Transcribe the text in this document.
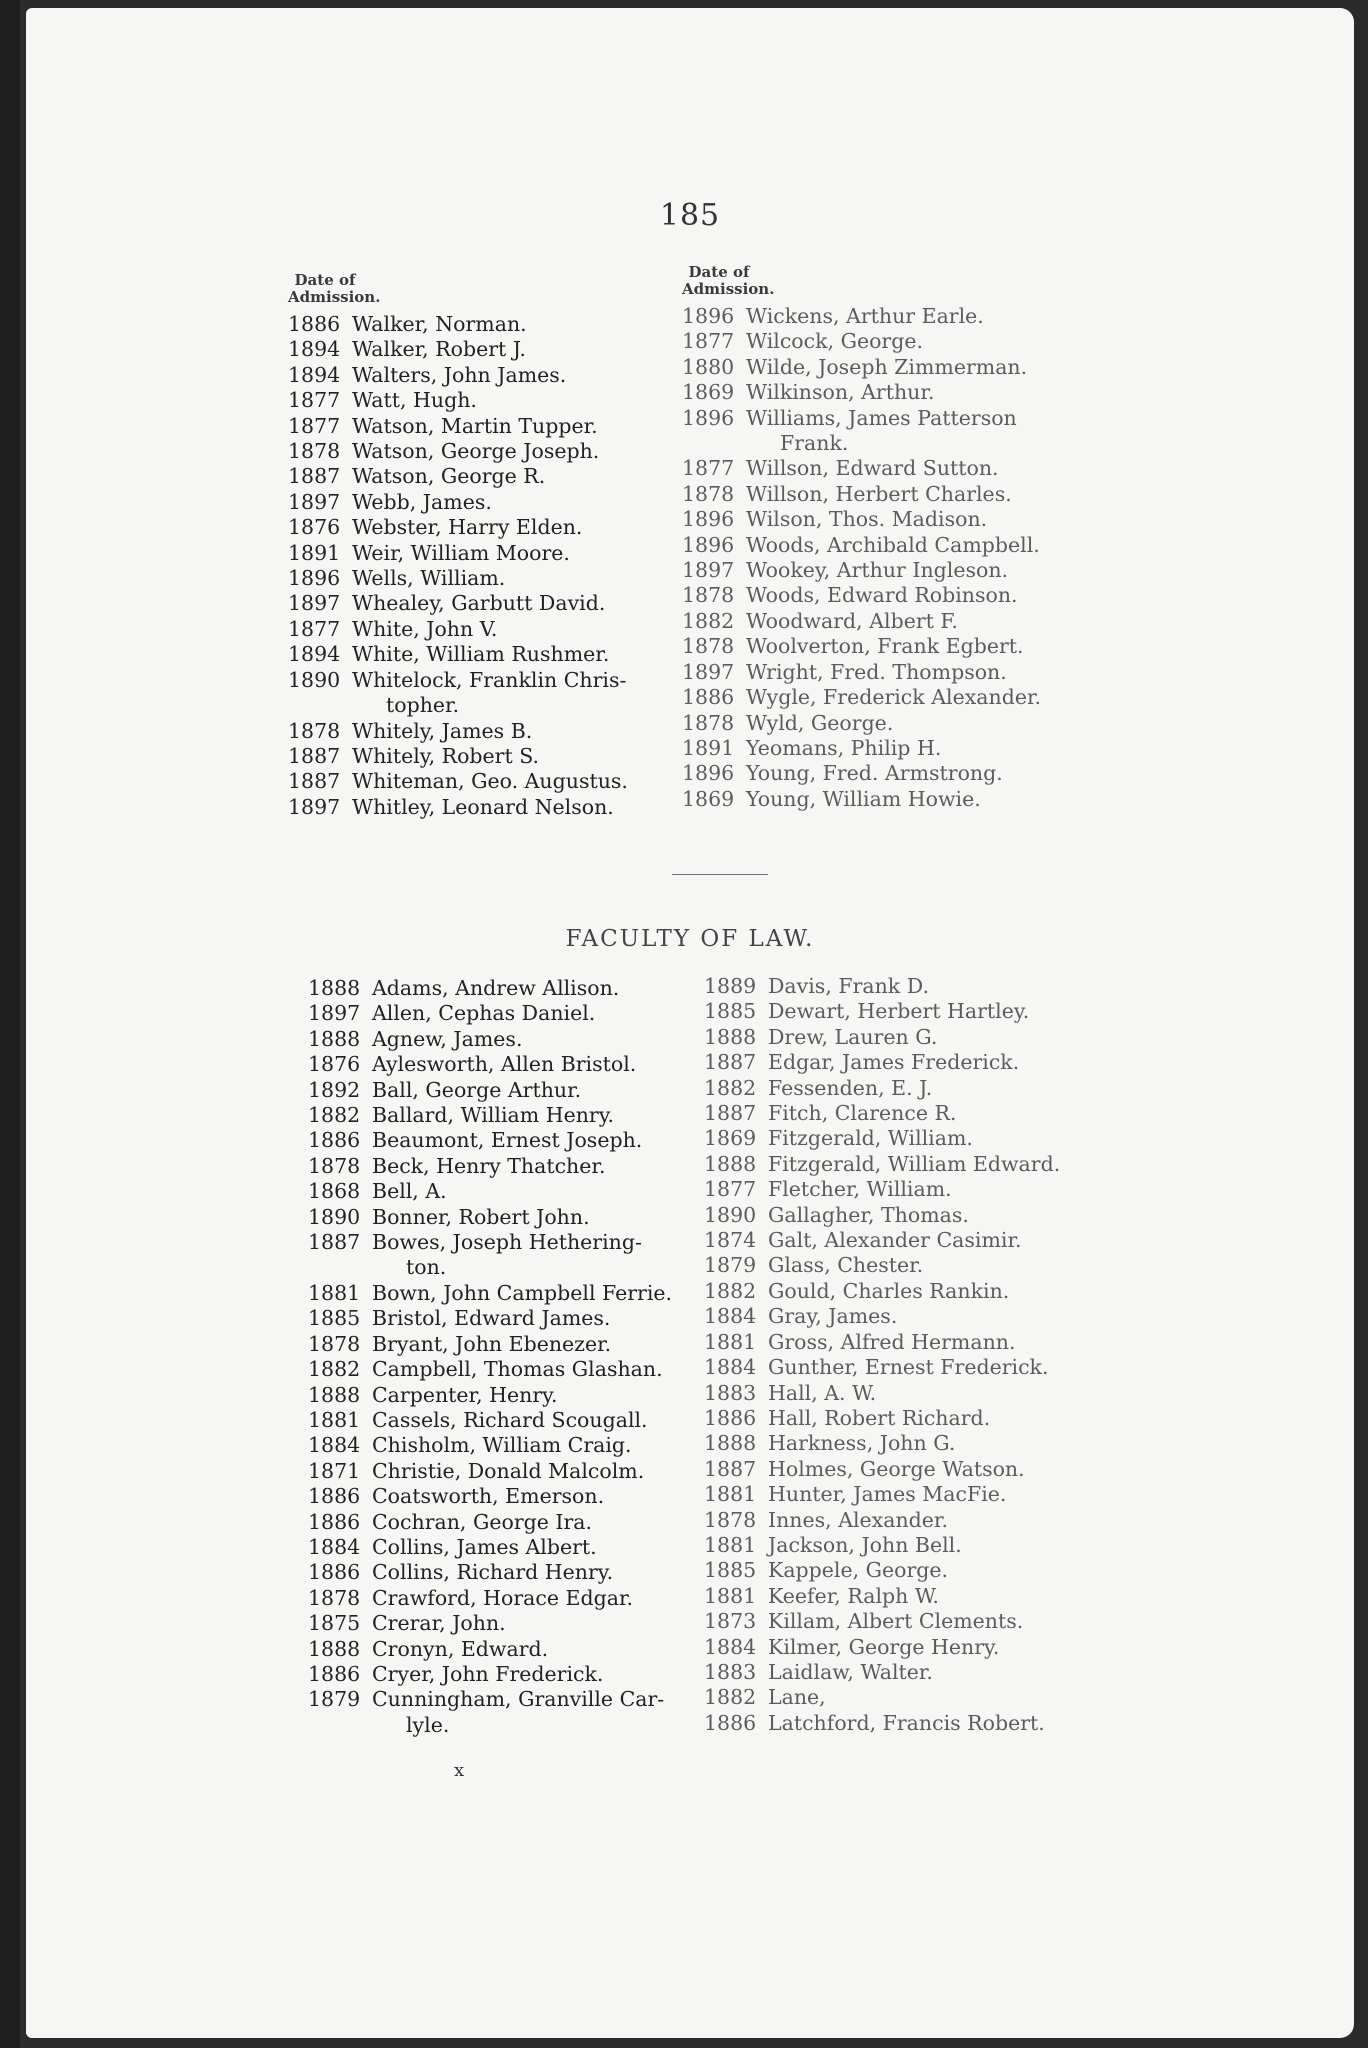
185
Date of
Admission.
1886 Walker, Norman.
1894 Walker, Robert J.
1894 Walters, John James.
1877 Watt, Hugh.
1877 Watson, Martin Tupper.
1878 Watson, George Joseph.
1887 Watson, George R.
1897 Webb, James.
1876 Webster, Harry Elden.
1891 Weir, William Moore.
1896 Wells, William.
1897 Whealey, Garbutt David.
1877 White, John V.
1894 White, William Rushmer.
1890 Whitelock, Franklin Chris-
topher.
1878 Whitely, James B.
1887 Whitely, Robert S.
1887 Whiteman, Geo. Augustus.
1897 Whitley, Leonard Nelson.
Date of
Admission.
1896 Wickens, Arthur Earle.
1877 Wilcock, George.
1880 Wilde, Joseph Zimmerman.
1869 Wilkinson, Arthur.
1896 Williams, James Patterson
Frank.
1877 Willson, Edward Sutton.
1878 Willson, Herbert Charles.
1896 Wilson, Thos. Madison.
1896 Woods, Archibald Campbell.
1897 Wookey, Arthur Ingleson.
1878 Woods, Edward Robinson.
1882 Woodward, Albert F.
1878 Woolverton, Frank Egbert.
1897 Wright, Fred. Thompson.
1886 Wygle, Frederick Alexander.
1878 Wyld, George.
1891 Yeomans, Philip H.
1896 Young, Fred. Armstrong.
1869 Young, William Howie.
FACULTY OF LAW.
1888 Adams, Andrew Allison.
1897 Allen, Cephas Daniel.
1888 Agnew, James.
1876 Aylesworth, Allen Bristol.
1892 Ball, George Arthur.
1882 Ballard, William Henry.
1886 Beaumont, Ernest Joseph.
1878 Beck, Henry Thatcher.
1868 Bell, A.
1890 Bonner, Robert John.
1887 Bowes, Joseph Hethering-
ton.
1881 Bown, John Campbell Ferrie.
1885 Bristol, Edward James.
1878 Bryant, John Ebenezer.
1882 Campbell, Thomas Glashan.
1888 Carpenter, Henry.
1881 Cassels, Richard Scougall.
1884 Chisholm, William Craig.
1871 Christie, Donald Malcolm.
1886 Coatsworth, Emerson.
1886 Cochran, George Ira.
1884 Collins, James Albert.
1886 Collins, Richard Henry.
1878 Crawford, Horace Edgar.
1875 Crerar, John.
1888 Cronyn, Edward.
1886 Cryer, John Frederick.
1879 Cunningham, Granville Car-
lyle.
1889 Davis, Frank D.
1885 Dewart, Herbert Hartley.
1888 Drew, Lauren G.
1887 Edgar, James Frederick.
1882 Fessenden, E. J.
1887 Fitch, Clarence R.
1869 Fitzgerald, William.
1888 Fitzgerald, William Edward.
1877 Fletcher, William.
1890 Gallagher, Thomas.
1874 Galt, Alexander Casimir.
1879 Glass, Chester.
1882 Gould, Charles Rankin.
1884 Gray, James.
1881 Gross, Alfred Hermann.
1884 Gunther, Ernest Frederick.
1883 Hall, A. W.
1886 Hall, Robert Richard.
1888 Harkness, John G.
1887 Holmes, George Watson.
1881 Hunter, James MacFie.
1878 Innes, Alexander.
1881 Jackson, John Bell.
1885 Kappele, George.
1881 Keefer, Ralph W.
1873 Killam, Albert Clements.
1884 Kilmer, George Henry.
1883 Laidlaw, Walter.
1882 Lane,
1886 Latchford, Francis Robert.
x
